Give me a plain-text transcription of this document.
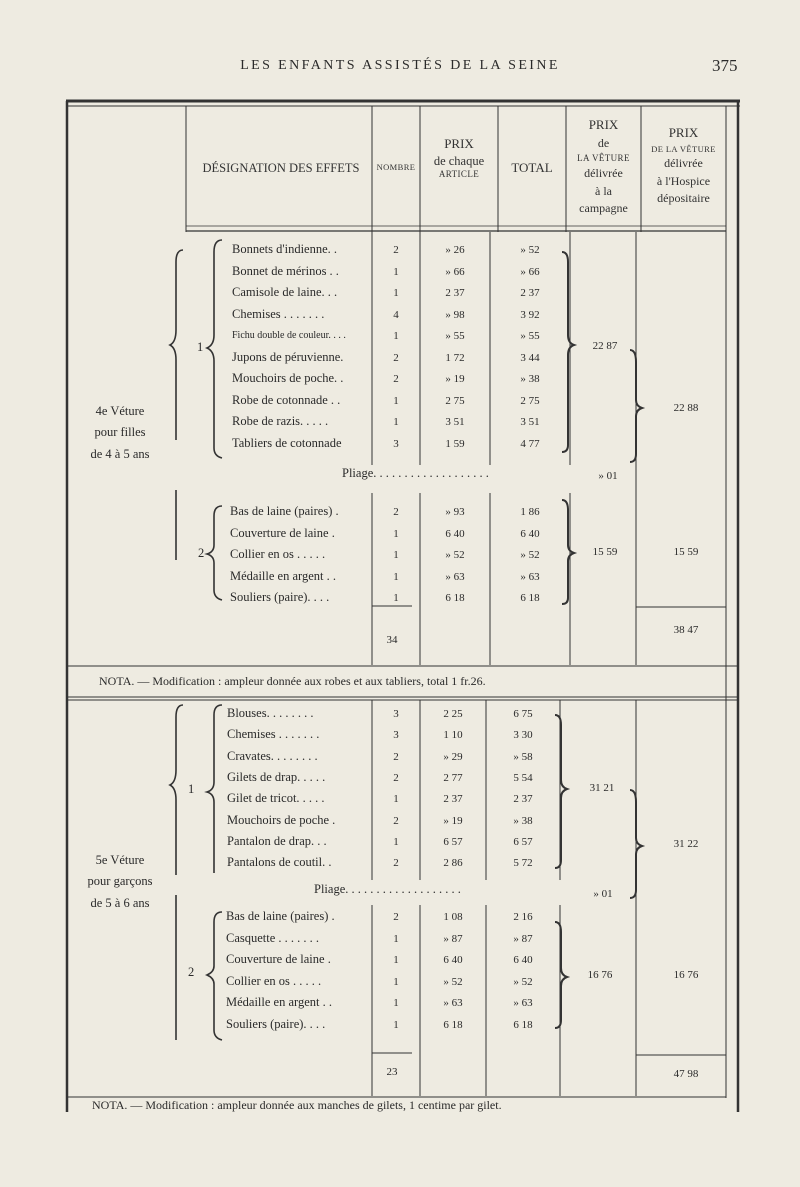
LES ENFANTS ASSISTÉS DE LA SEINE	375
DÉSIGNATION DES EFFETS	NOMBRE
PRIX
de chaque
ARTICLE	TOTAL
PRIX
de
LA VÊTURE
délivrée
à la
campagne
PRIX
DE LA VÊTURE
délivrée
à l'Hospice
dépositaire
4e Véture
pour filles
de 4 à 5 ans
1
2
Bonnets d'indienne. .	2	» 26	» 52
Bonnet de mérinos . .	1	» 66	» 66
Camisole de laine. . .	1	2 37	2 37
Chemises . . . . . . .	4	» 98	3 92
Fichu double de couleur. . . .	1	» 55	» 55
Jupons de péruvienne.	2	1 72	3 44
Mouchoirs de poche. .	2	» 19	» 38
Robe de cotonnade . .	1	2 75	2 75
Robe de razis. . . . .	1	3 51	3 51
Tabliers de cotonnade	3	1 59	4 77
Bas de laine (paires) .	2	» 93	1 86
Couverture de laine .	1	6 40	6 40
Collier en os . . . . .	1	» 52	» 52
Médaille en argent . .	1	» 63	» 63
Souliers (paire). . . .	1	6 18	6 18
Blouses. . . . . . . .	3	2 25	6 75
Chemises . . . . . . .	3	1 10	3 30
Cravates. . . . . . . .	2	» 29	» 58
Gilets de drap. . . . .	2	2 77	5 54
Gilet de tricot. . . . .	1	2 37	2 37
Mouchoirs de poche .	2	» 19	» 38
Pantalon de drap. . .	1	6 57	6 57
Pantalons de coutil. .	2	2 86	5 72
Bas de laine (paires) .	2	1 08	2 16
Casquette . . . . . . .	1	» 87	» 87
Couverture de laine .	1	6 40	6 40
Collier en os . . . . .	1	» 52	» 52
Médaille en argent . .	1	» 63	» 63
Souliers (paire). . . .	1	6 18	6 18
22 87
Pliage. . . . . . . . . . . . . . . . . . .	» 01
22 88
15 59	15 59
34
38 47
NOTA. — Modification : ampleur donnée aux robes et aux tabliers, total 1 fr.26.
5e Véture
pour garçons
de 5 à 6 ans
1
2
31 21
Pliage. . . . . . . . . . . . . . . . . . .	» 01
31 22
16 76	16 76
23	47 98
NOTA. — Modification : ampleur donnée aux manches de gilets, 1 centime par gilet.
